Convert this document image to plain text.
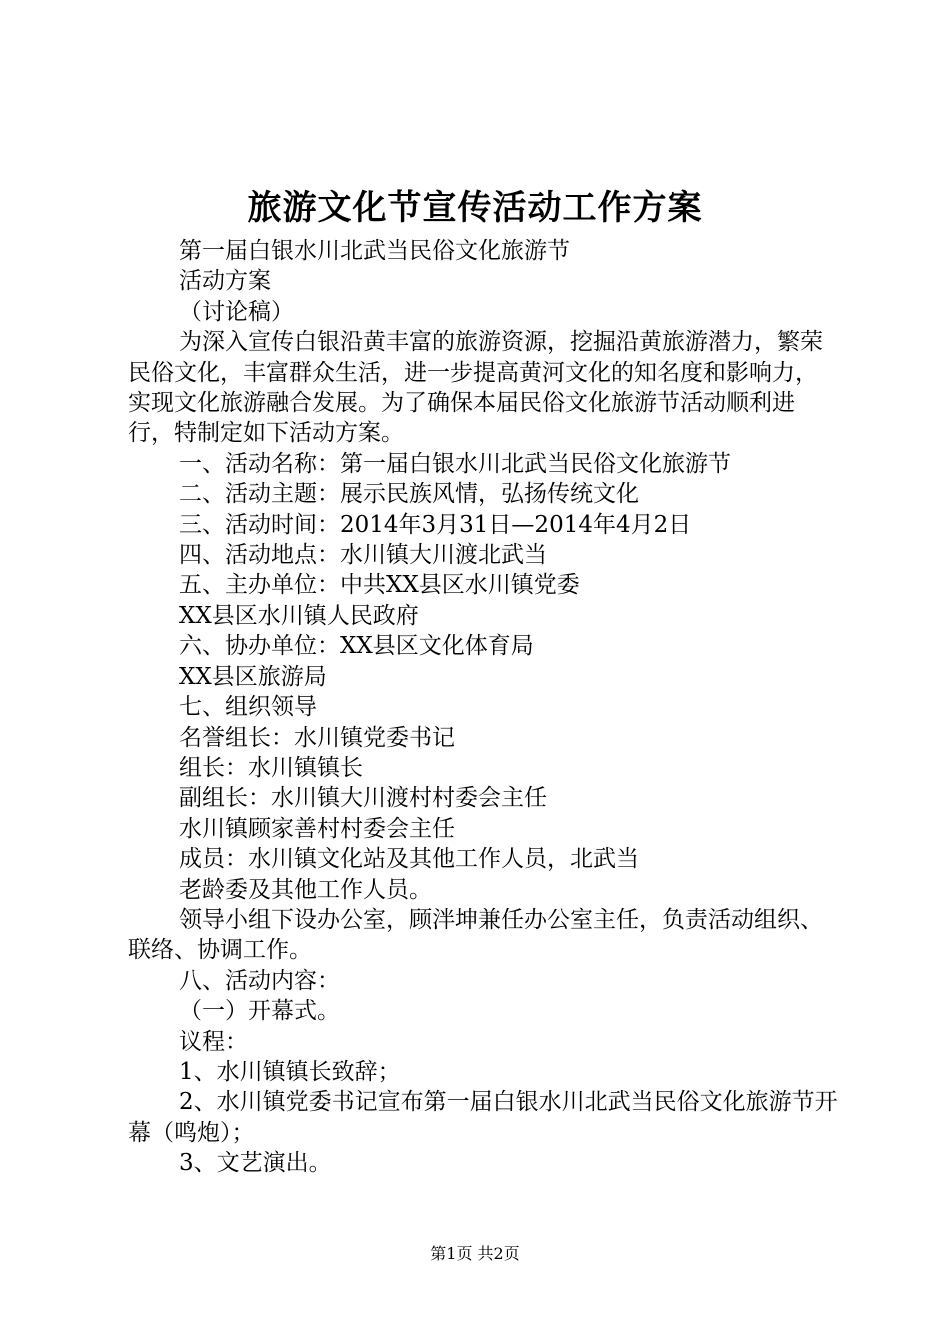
旅游文化节宣传活动工作方案

第一届白银水川北武当民俗文化旅游节

活动方案

（讨论稿）

为深入宣传白银沿黄丰富的旅游资源，挖掘沿黄旅游潜力，繁荣民俗文化，丰富群众生活，进一步提高黄河文化的知名度和影响力，实现文化旅游融合发展。为了确保本届民俗文化旅游节活动顺利进行，特制定如下活动方案。

一、活动名称：第一届白银水川北武当民俗文化旅游节

二、活动主题：展示民族风情，弘扬传统文化

三、活动时间：2014年3月31日—2014年4月2日

四、活动地点：水川镇大川渡北武当

五、主办单位：中共XX县区水川镇党委

XX县区水川镇人民政府

六、协办单位：XX县区文化体育局

XX县区旅游局

七、组织领导

名誉组长：水川镇党委书记

组长：水川镇镇长

副组长：水川镇大川渡村村委会主任

水川镇顾家善村村委会主任

成员：水川镇文化站及其他工作人员，北武当

老龄委及其他工作人员。

领导小组下设办公室，顾泮坤兼任办公室主任，负责活动组织、联络、协调工作。

八、活动内容：

（一）开幕式。

议程：

1、水川镇镇长致辞；

2、水川镇党委书记宣布第一届白银水川北武当民俗文化旅游节开幕（鸣炮）；

3、文艺演出。

第1页 共2页
